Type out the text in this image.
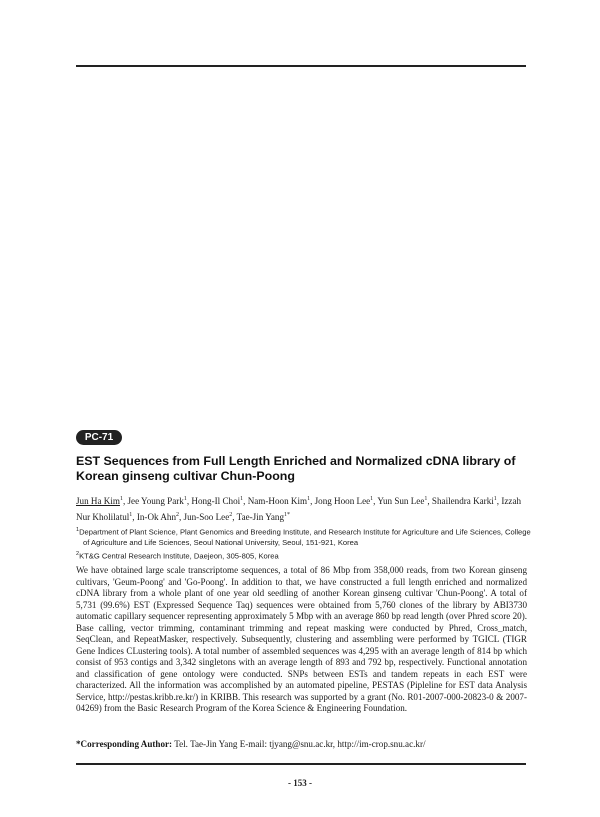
PC-71
EST Sequences from Full Length Enriched and Normalized cDNA library of Korean ginseng cultivar Chun-Poong

Jun Ha Kim$^1$, Jee Young Park$^1$, Hong-Il Choi$^1$, Nam-Hoon Kim$^1$, Jong Hoon Lee$^1$, Yun Sun Lee$^1$, Shailendra Karki$^1$, Izzah Nur Kholilatul$^1$, In-Ok Ahn$^2$, Jun-Soo Lee$^2$, Tae-Jin Yang$^{1*}$

$^1$Department of Plant Science, Plant Genomics and Breeding Institute, and Research Institute for Agriculture and Life Sciences, College of Agriculture and Life Sciences, Seoul National University, Seoul, 151-921, Korea
$^2$KT&G Central Research Institute, Daejeon, 305-805, Korea

We have obtained large scale transcriptome sequences, a total of 86 Mbp from 358,000 reads, from two Korean ginseng cultivars, 'Geum-Poong' and 'Go-Poong'. In addition to that, we have constructed a full length enriched and normalized cDNA library from a whole plant of one year old seedling of another Korean ginseng cultivar 'Chun-Poong'. A total of 5,731 (99.6%) EST (Expressed Sequence Taq) sequences were obtained from 5,760 clones of the library by ABI3730 automatic capillary sequencer representing approximately 5 Mbp with an average 860 bp read length (over Phred score 20). Base calling, vector trimming, contaminant trimming and repeat masking were conducted by Phred, Cross_match, SeqClean, and RepeatMasker, respectively. Subsequently, clustering and assembling were performed by TGICL (TIGR Gene Indices CLustering tools). A total number of assembled sequences was 4,295 with an average length of 814 bp which consist of 953 contigs and 3,342 singletons with an average length of 893 and 792 bp, respectively. Functional annotation and classification of gene ontology were conducted. SNPs between ESTs and tandem repeats in each EST were characterized. All the information was accomplished by an automated pipeline, PESTAS (Pipleline for EST data Analysis Service, http://pestas.kribb.re.kr/) in KRIBB. This research was supported by a grant (No. R01-2007-000-20823-0 & 2007-04269) from the Basic Research Program of the Korea Science & Engineering Foundation.

*Corresponding Author: Tel. Tae-Jin Yang E-mail: tjyang@snu.ac.kr, http://im-crop.snu.ac.kr/

- 153 -
